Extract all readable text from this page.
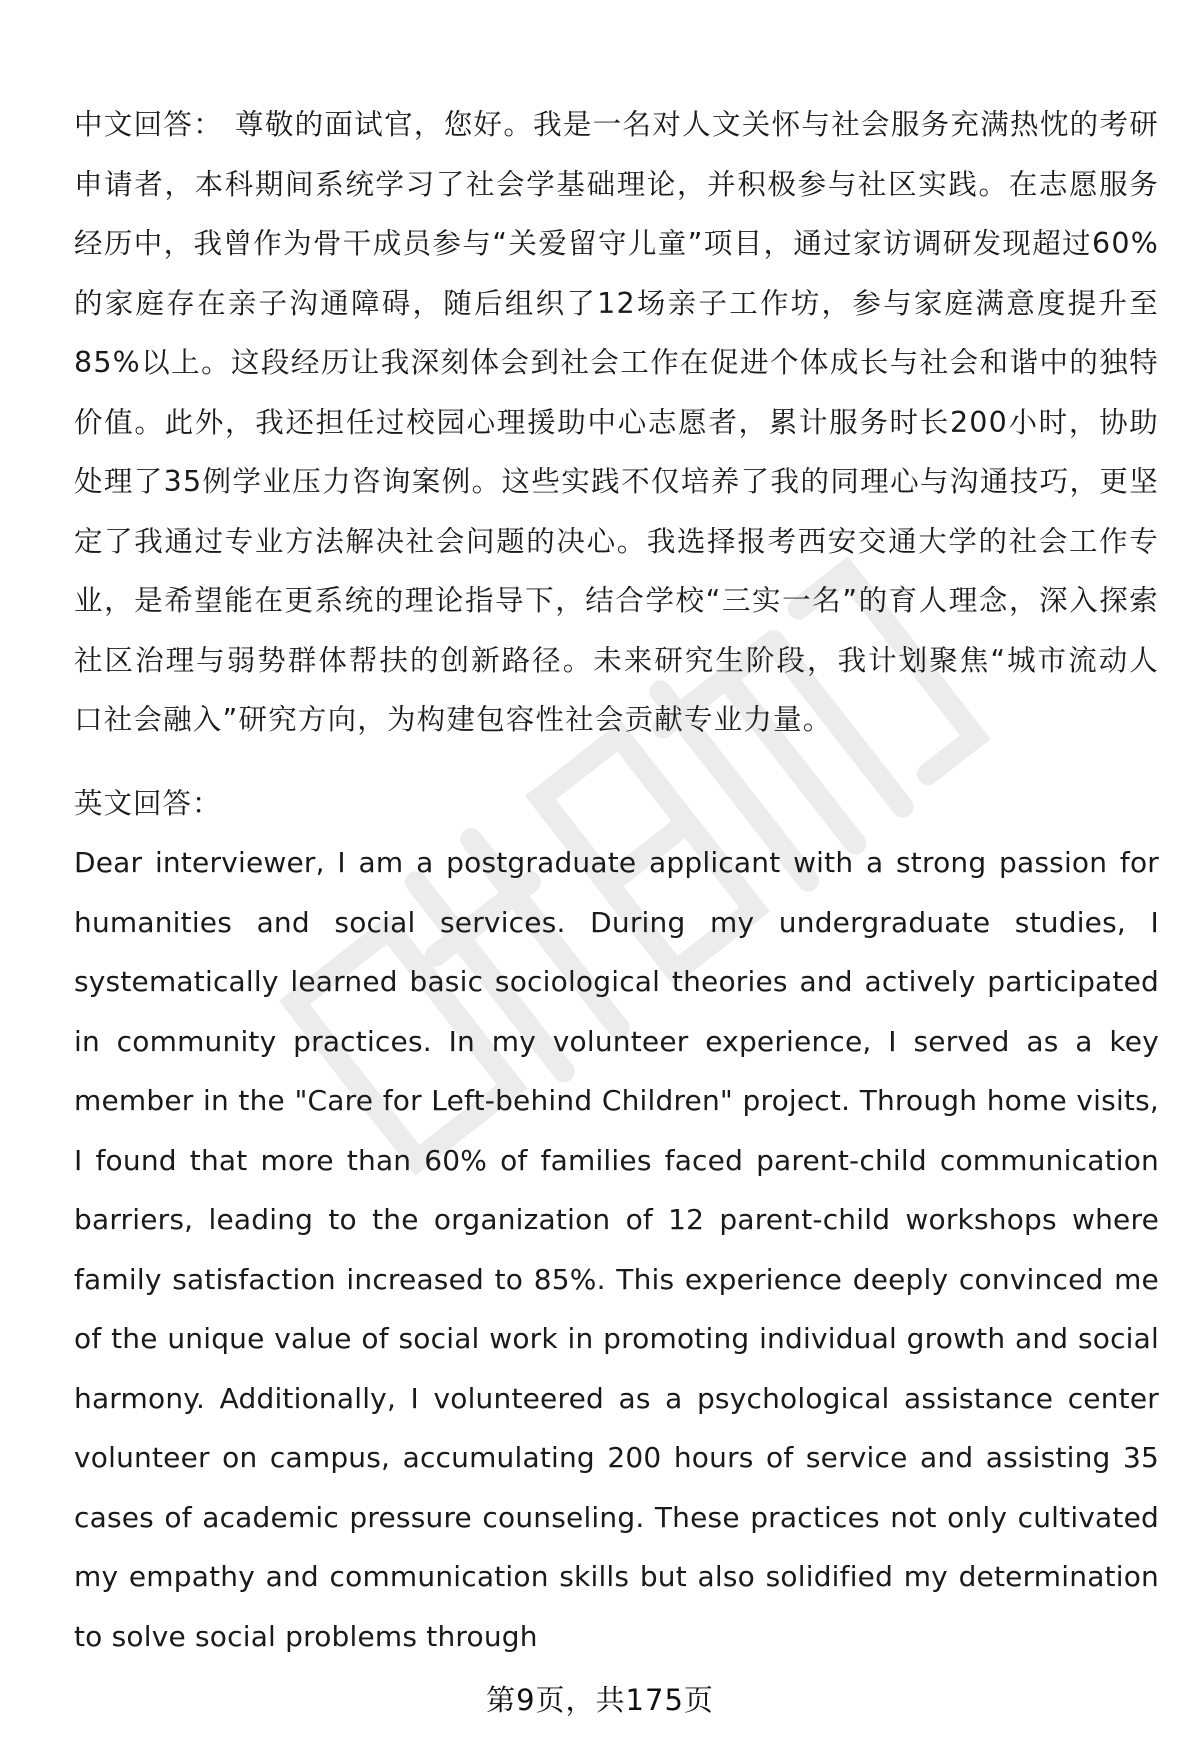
中文回答： 尊敬的面试官，您好。我是一名对人文关怀与社会服务充满热忱的考研申请者，本科期间系统学习了社会学基础理论，并积极参与社区实践。在志愿服务经历中，我曾作为骨干成员参与“关爱留守儿童”项目，通过家访调研发现超过60%的家庭存在亲子沟通障碍，随后组织了12场亲子工作坊，参与家庭满意度提升至85%以上。这段经历让我深刻体会到社会工作在促进个体成长与社会和谐中的独特价值。此外，我还担任过校园心理援助中心志愿者，累计服务时长200小时，协助处理了35例学业压力咨询案例。这些实践不仅培养了我的同理心与沟通技巧，更坚定了我通过专业方法解决社会问题的决心。我选择报考西安交通大学的社会工作专业，是希望能在更系统的理论指导下，结合学校“三实一名”的育人理念，深入探索社区治理与弱势群体帮扶的创新路径。未来研究生阶段，我计划聚焦“城市流动人口社会融入”研究方向，为构建包容性社会贡献专业力量。

英文回答：

Dear interviewer, I am a postgraduate applicant with a strong passion for humanities and social services. During my undergraduate studies, I systematically learned basic sociological theories and actively participated in community practices. In my volunteer experience, I served as a key member in the "Care for Left-behind Children" project. Through home visits, I found that more than 60% of families faced parent-child communication barriers, leading to the organization of 12 parent-child workshops where family satisfaction increased to 85%. This experience deeply convinced me of the unique value of social work in promoting individual growth and social harmony. Additionally, I volunteered as a psychological assistance center volunteer on campus, accumulating 200 hours of service and assisting 35 cases of academic pressure counseling. These practices not only cultivated my empathy and communication skills but also solidified my determination to solve social problems through

第9页，共175页
